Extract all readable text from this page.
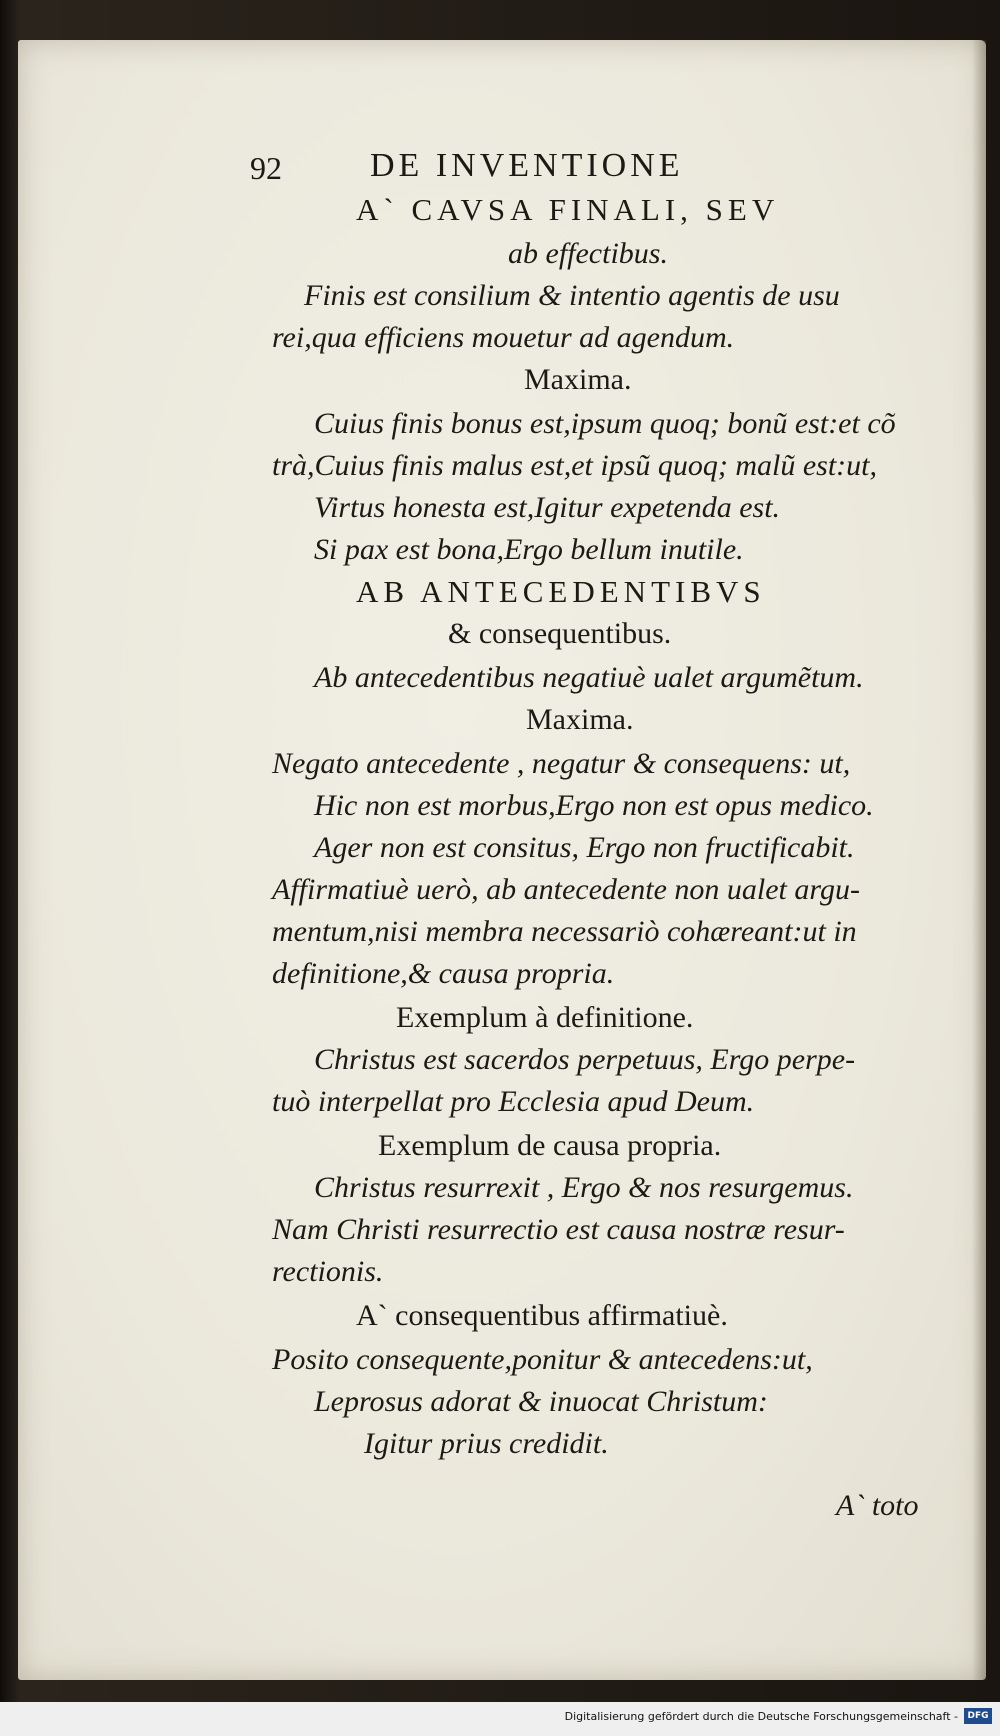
92	DE INVENTIONE
A` CAVSA FINALI, SEV
ab effectibus.
Finis est consilium & intentio agentis de usu
rei,qua efficiens mouetur ad agendum.
Maxima.
Cuius finis bonus est,ipsum quoq; bonũ est:et cõ
trà,Cuius finis malus est,et ipsũ quoq; malũ est:ut,
Virtus honesta est,Igitur expetenda est.
Si pax est bona,Ergo bellum inutile.
AB ANTECEDENTIBVS
& consequentibus.
Ab antecedentibus negatiuè ualet argumẽtum.
Maxima.
Negato antecedente , negatur & consequens: ut,
Hic non est morbus,Ergo non est opus medico.
Ager non est consitus, Ergo non fructificabit.
Affirmatiuè uerò, ab antecedente non ualet argu-
mentum,nisi membra necessariò cohæreant:ut in
definitione,& causa propria.
Exemplum à definitione.
Christus est sacerdos perpetuus, Ergo perpe-
tuò interpellat pro Ecclesia apud Deum.
Exemplum de causa propria.
Christus resurrexit , Ergo & nos resurgemus.
Nam Christi resurrectio est causa nostræ resur-
rectionis.
A` consequentibus affirmatiuè.
Posito consequente,ponitur & antecedens:ut,
Leprosus adorat & inuocat Christum:
Igitur prius credidit.
A` toto
Digitalisierung gefördert durch die Deutsche Forschungsgemeinschaft -	DFG
